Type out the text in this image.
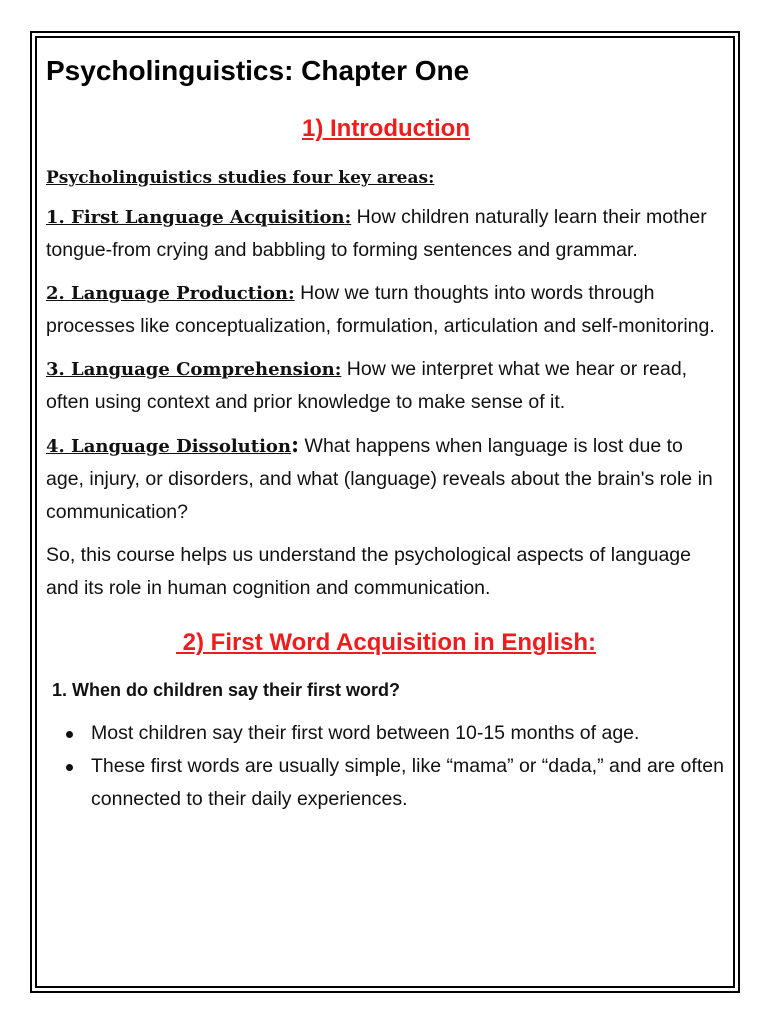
Psycholinguistics: Chapter One
1) Introduction
Psycholinguistics studies four key areas:

1. First Language Acquisition: How children naturally learn their mother tongue-from crying and babbling to forming sentences and grammar.

2. Language Production: How we turn thoughts into words through processes like conceptualization, formulation, articulation and self-monitoring.

3. Language Comprehension: How we interpret what we hear or read, often using context and prior knowledge to make sense of it.

4. Language Dissolution: What happens when language is lost due to age, injury, or disorders, and what (language) reveals about the brain's role in communication?

So, this course helps us understand the psychological aspects of language and its role in human cognition and communication.

2) First Word Acquisition in English:
1. When do children say their first word?
Most children say their first word between 10-15 months of age.
These first words are usually simple, like “mama” or “dada,” and are often connected to their daily experiences.
